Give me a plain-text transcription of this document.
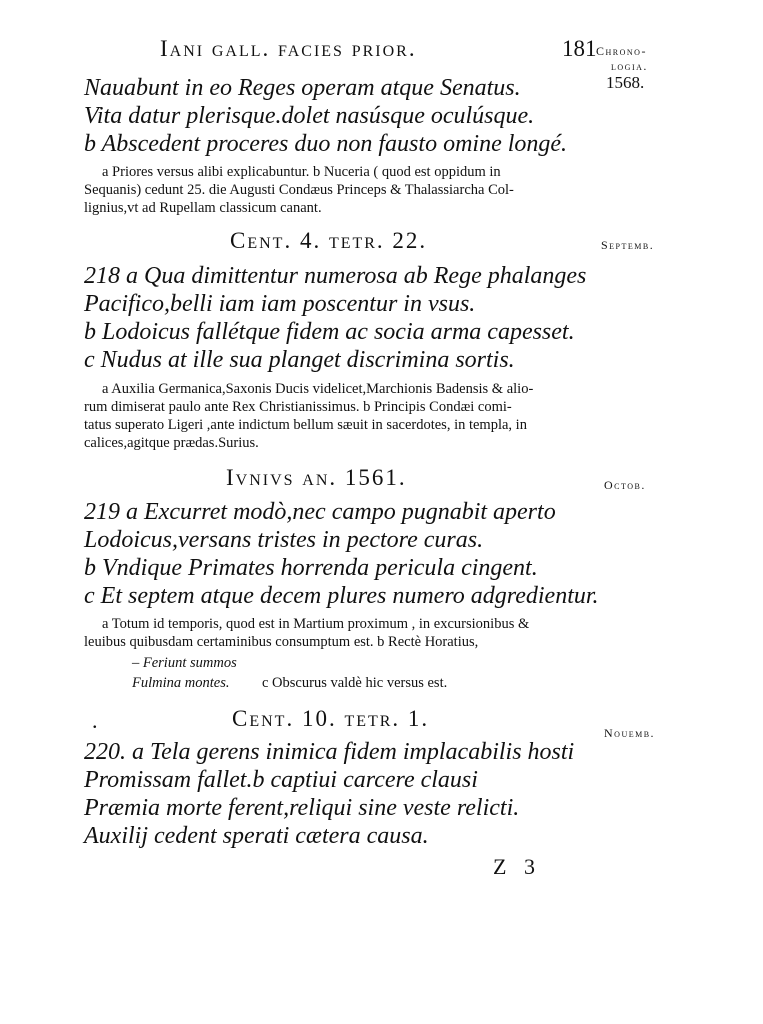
Iani gall. facies prior.	181 Chrono-
logia.
1568.
Nauabunt in eo Reges operam atque Senatus.
Vita datur plerisque.dolet nasúsque oculúsque.
b Abscedent proceres duo non fausto omine longé.
a Priores versus alibi explicabuntur. b Nuceria ( quod est oppidum in
Sequanis) cedunt 25. die Augusti Condæus Princeps & Thalassiarcha Col-
lignius,vt ad Rupellam classicum canant.
Cent. 4. tetr. 22.	Septemb.
218 a Qua dimittentur numerosa ab Rege phalanges
Pacifico,belli iam iam poscentur in vsus.
b Lodoicus fallétque fidem ac socia arma capesset.
c Nudus at ille sua planget discrimina sortis.
a Auxilia Germanica,Saxonis Ducis videlicet,Marchionis Badensis & alio-
rum dimiserat paulo ante Rex Christianissimus. b Principis Condæi comi-
tatus superato Ligeri ,ante indictum bellum sæuit in sacerdotes, in templa, in
calices,agitque prædas.Surius.
Ivnivs an. 1561.	Octob.
219 a Excurret modò,nec campo pugnabit aperto
Lodoicus,versans tristes in pectore curas.
b Vndique Primates horrenda pericula cingent.
c Et septem atque decem plures numero adgredientur.
a Totum id temporis, quod est in Martium proximum , in excursionibus &
leuibus quibusdam certaminibus consumptum est. b Rectè Horatius,
– Feriunt summos
Fulmina montes. c Obscurus valdè hic versus est.
.	Cent. 10. tetr. 1.
Nouemb.
220. a Tela gerens inimica fidem implacabilis hosti
Promissam fallet.b captiui carcere clausi
Præmia morte ferent,reliqui sine veste relicti.
Auxilij cedent sperati cætera causa.
Z 3
